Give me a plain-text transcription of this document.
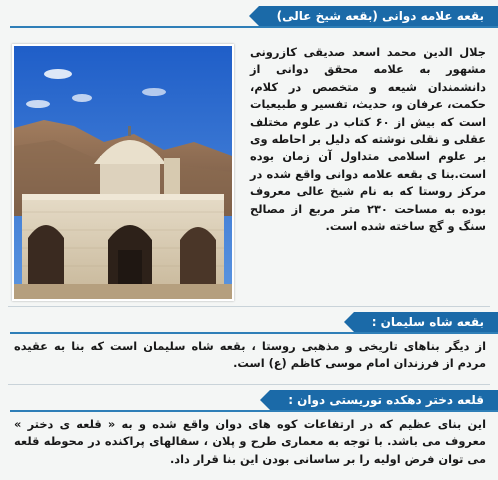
بقعه علامه دوانی (بقعه شیخ عالی)
جلال الدین محمد اسعد صدیقی کازرونی مشهور به علامه محقق دوانی از دانشمندان شیعه و متخصص در کلام، حکمت، عرفان و، حدیث، تفسیر و طبیعیات است که بیش از ۶۰ کتاب در علوم مختلف عقلی و نقلی نوشته که دلیل بر احاطه وی بر علوم اسلامی متداول آن زمان بوده است.بنا ی بقعه علامه دوانی واقع شده در مرکز روستا که به نام شیخ عالی معروف بوده به مساحت ۲۳۰ متر مربع از مصالح سنگ و گچ ساخته شده است.
بقعه شاه سلیمان :
از دیگر بناهای تاریخی و مذهبی روستا ، بقعه شاه سلیمان است که بنا به عقیده مردم از فرزندان امام موسی کاظم (ع) است.
قلعه دختر دهکده توریستی دوان :
این بنای عظیم که در ارتفاعات کوه های دوان واقع شده و به « قلعه ی دختر » معروف می باشد. با توجه به معماری طرح و پلان ، سفالهای پراکنده در محوطه قلعه می توان فرض اولیه را بر ساسانی بودن این بنا قرار داد.
